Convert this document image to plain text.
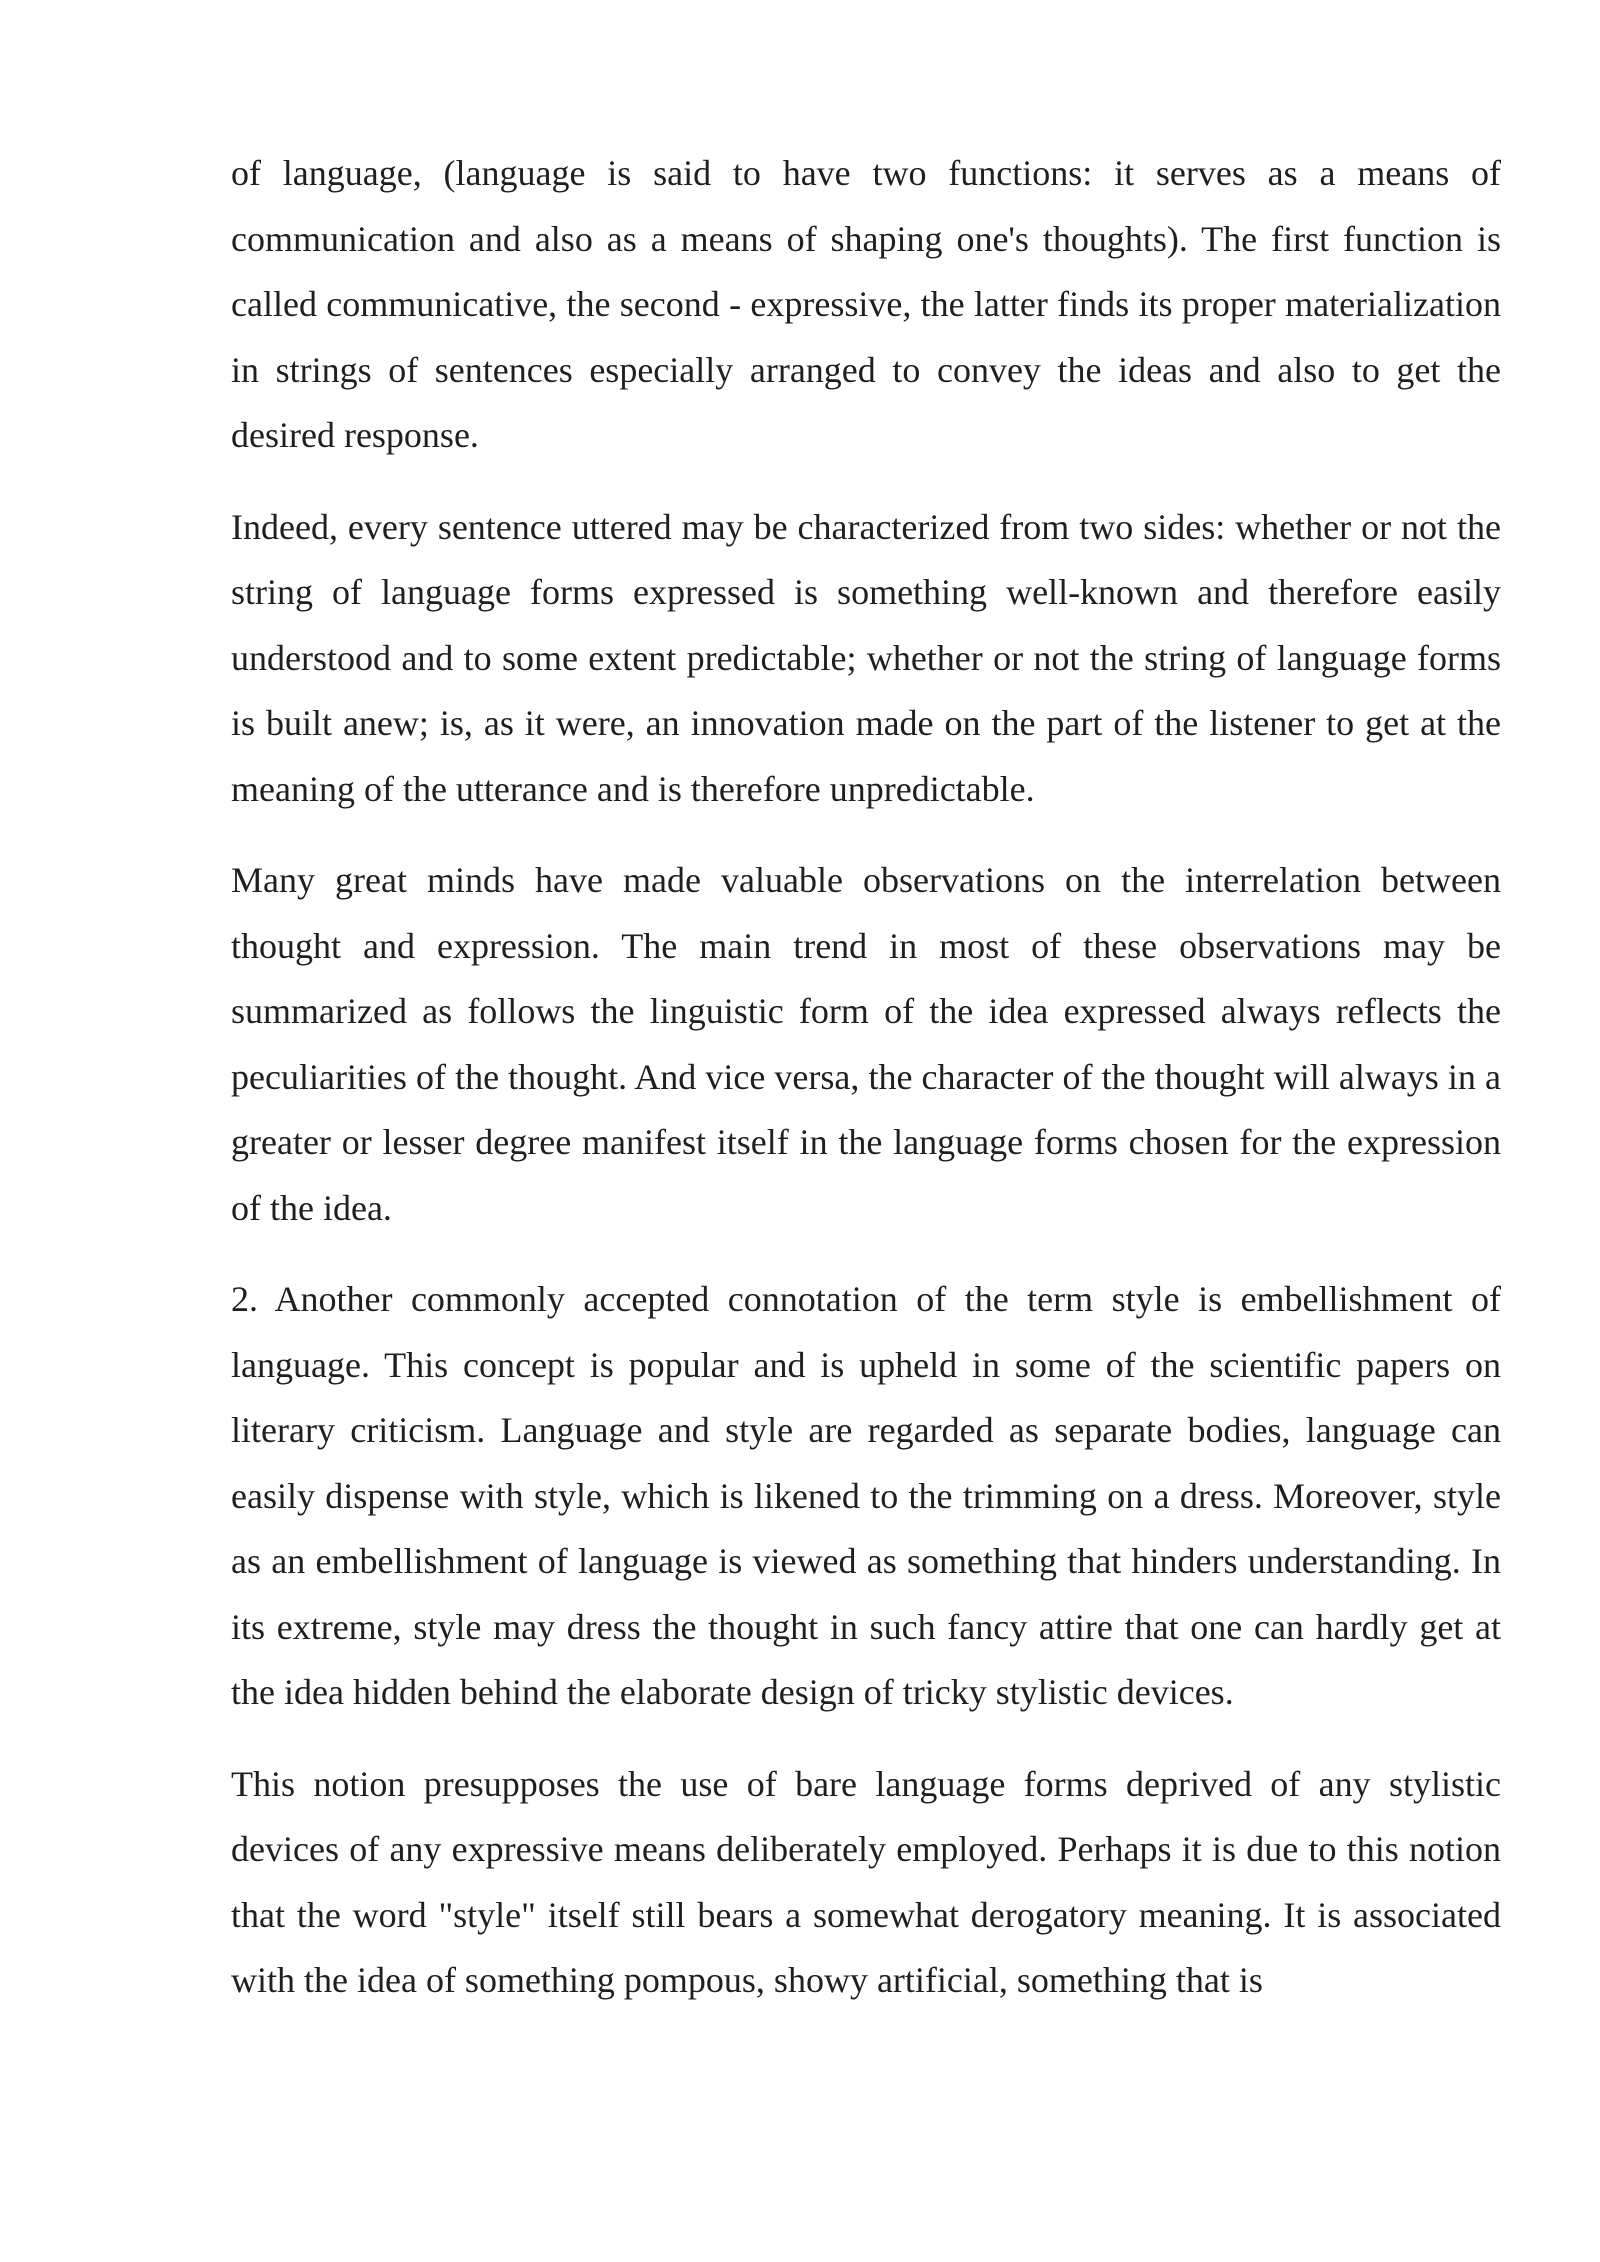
of language, (language is said to have two functions: it serves as a means of communication and also as a means of shaping one's thoughts). The first function is called communicative, the second - expressive, the latter finds its proper materialization in strings of sentences especially arranged to convey the ideas and also to get the desired response.

Indeed, every sentence uttered may be characterized from two sides: whether or not the string of language forms expressed is something well-known and therefore easily understood and to some extent predictable; whether or not the string of language forms is built anew; is, as it were, an innovation made on the part of the listener to get at the meaning of the utterance and is therefore unpredictable.

Many great minds have made valuable observations on the interrelation between thought and expression. The main trend in most of these observations may be summarized as follows the linguistic form of the idea expressed always reflects the peculiarities of the thought. And vice versa, the character of the thought will always in a greater or lesser degree manifest itself in the language forms chosen for the expression of the idea.

2. Another commonly accepted connotation of the term style is embellishment of language. This concept is popular and is upheld in some of the scientific papers on literary criticism. Language and style are regarded as separate bodies, language can easily dispense with style, which is likened to the trimming on a dress. Moreover, style as an embellishment of language is viewed as something that hinders understanding. In its extreme, style may dress the thought in such fancy attire that one can hardly get at the idea hidden behind the elaborate design of tricky stylistic devices.

This notion presupposes the use of bare language forms deprived of any stylistic devices of any expressive means deliberately employed. Perhaps it is due to this notion that the word "style" itself still bears a somewhat derogatory meaning. It is associated with the idea of something pompous, showy artificial, something that is
